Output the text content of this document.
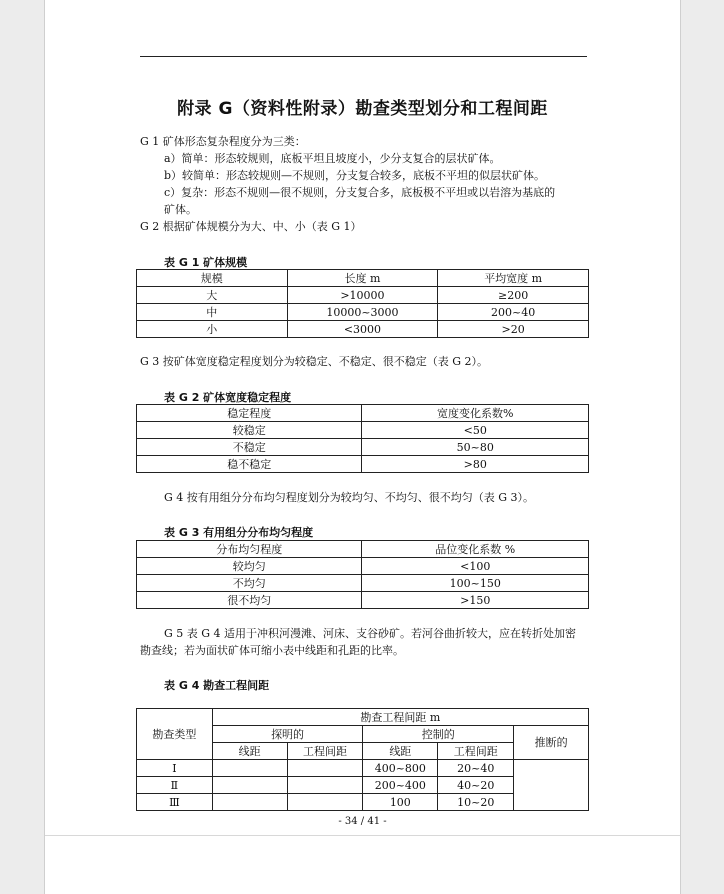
附录 G（资料性附录）勘查类型划分和工程间距
G 1 矿体形态复杂程度分为三类：
a）简单：形态较规则，底板平坦且坡度小，少分支复合的层状矿体。
b）较简单：形态较规则—不规则，分支复合较多，底板不平坦的似层状矿体。
c）复杂：形态不规则—很不规则，分支复合多，底板极不平坦或以岩溶为基底的
矿体。
G 2 根据矿体规模分为大、中、小（表 G 1）
表 G 1 矿体规模
规模	长度 m	平均宽度 m
大	>10000	≥200
中	10000~3000	200~40
小	<3000	>20
G 3 按矿体宽度稳定程度划分为较稳定、不稳定、很不稳定（表 G 2）。
表 G 2 矿体宽度稳定程度
稳定程度	宽度变化系数%
较稳定	<50
不稳定	50~80
稳不稳定	>80
G 4 按有用组分分布均匀程度划分为较均匀、不均匀、很不均匀（表 G 3）。
表 G 3 有用组分分布均匀程度
分布均匀程度	品位变化系数 %
较均匀	<100
不均匀	100~150
很不均匀	>150
G 5 表 G 4 适用于冲积河漫滩、河床、支谷砂矿。若河谷曲折较大，应在转折处加密
勘查线；若为面状矿体可缩小表中线距和孔距的比率。
表 G 4 勘查工程间距
勘查类型	勘查工程间距 m				
	探明的		控制的		推断的
	线距	工程间距	线距	工程间距	
Ⅰ			400~800	20~40	
Ⅱ			200~400	40~20	
Ⅲ			100	10~20	
- 34 / 41 -
